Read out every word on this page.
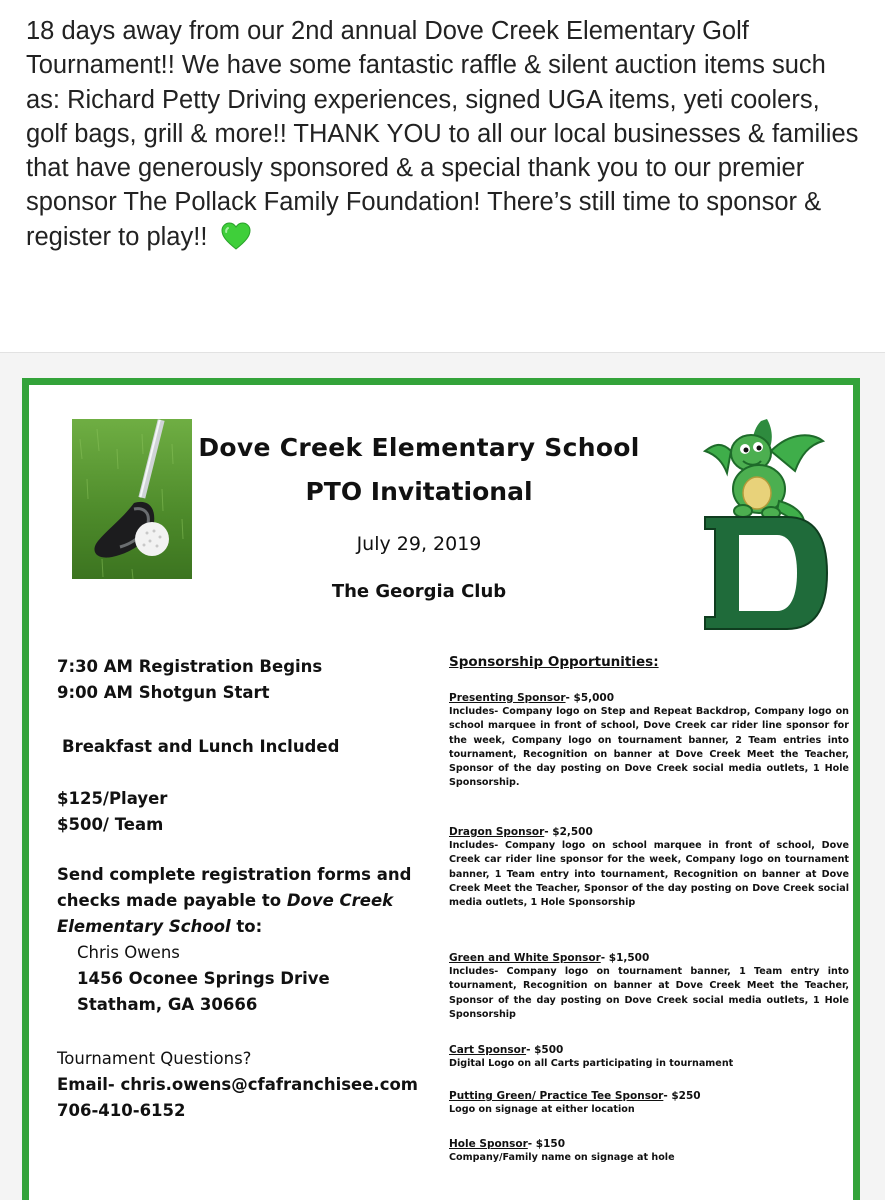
18 days away from our 2nd annual Dove Creek Elementary Golf Tournament!! We have some fantastic raffle & silent auction items such as: Richard Petty Driving experiences, signed UGA items, yeti coolers, golf bags, grill & more!! THANK YOU to all our local businesses & families that have generously sponsored & a special thank you to our premier sponsor The Pollack Family Foundation! There’s still time to sponsor & register to play!!
Dove Creek Elementary School
PTO Invitational
July 29, 2019
The Georgia Club
7:30 AM Registration Begins
9:00 AM Shotgun Start
Breakfast and Lunch Included
$125/Player
$500/ Team
Send complete registration forms and
checks made payable to Dove Creek
Elementary School to:
Chris Owens
1456 Oconee Springs Drive
Statham, GA 30666
Tournament Questions?
Email- chris.owens@cfafranchisee.com
706-410-6152
Sponsorship Opportunities:
Presenting Sponsor- $5,000
Includes- Company logo on Step and Repeat Backdrop, Company logo on school marquee in front of school, Dove Creek car rider line sponsor for the week, Company logo on tournament banner, 2 Team entries into tournament, Recognition on banner at Dove Creek Meet the Teacher, Sponsor of the day posting on Dove Creek social media outlets, 1 Hole Sponsorship.
Dragon Sponsor- $2,500
Includes- Company logo on school marquee in front of school, Dove Creek car rider line sponsor for the week, Company logo on tournament banner, 1 Team entry into tournament, Recognition on banner at Dove Creek Meet the Teacher, Sponsor of the day posting on Dove Creek social media outlets, 1 Hole Sponsorship
Green and White Sponsor- $1,500
Includes- Company logo on tournament banner, 1 Team entry into tournament, Recognition on banner at Dove Creek Meet the Teacher, Sponsor of the day posting on Dove Creek social media outlets, 1 Hole Sponsorship
Cart Sponsor- $500
Digital Logo on all Carts participating in tournament
Putting Green/ Practice Tee Sponsor- $250
Logo on signage at either location
Hole Sponsor- $150
Company/Family name on signage at hole
